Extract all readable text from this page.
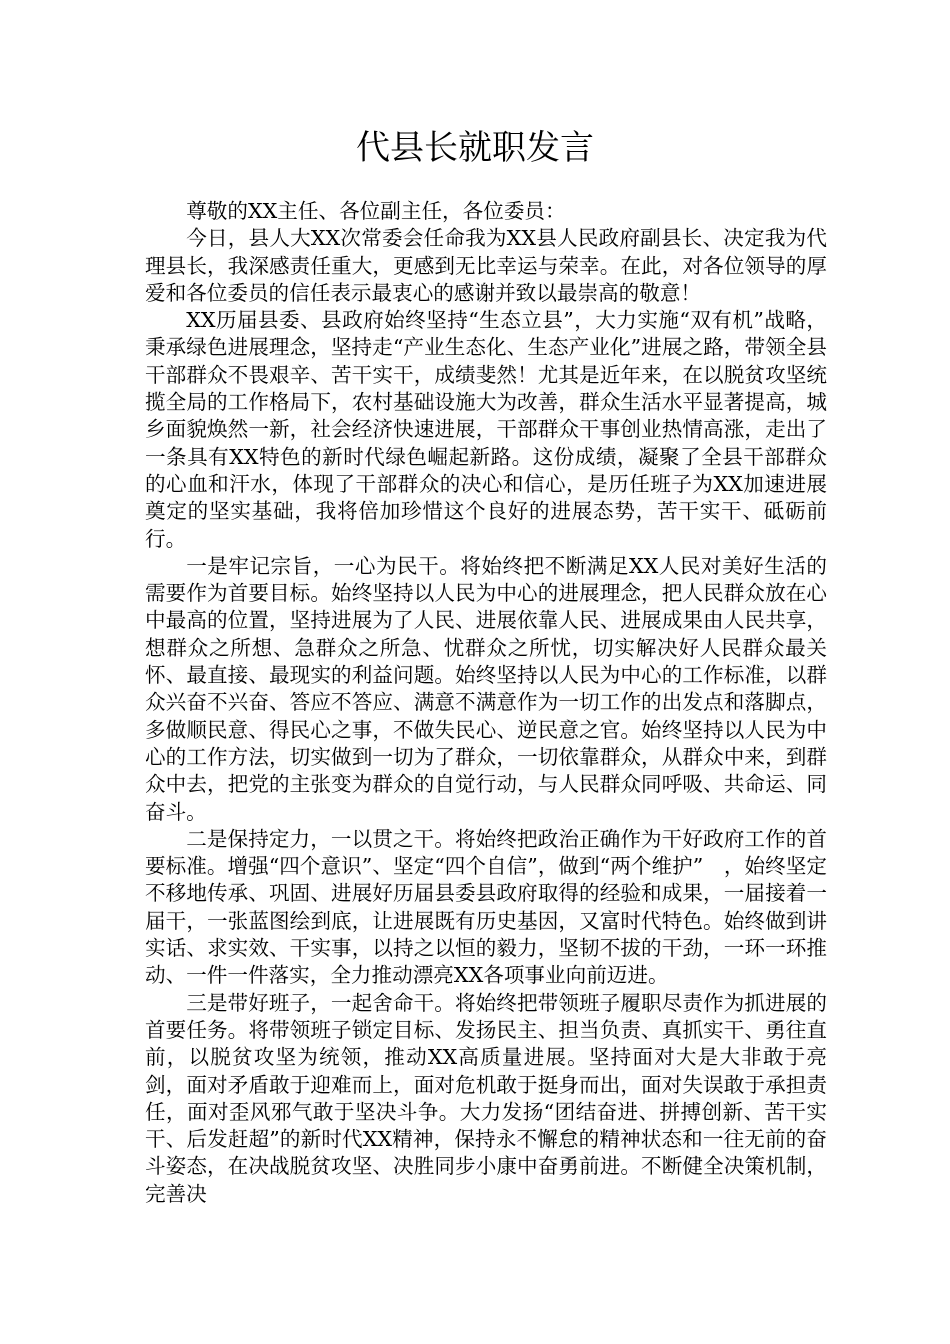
代县长就职发言

尊敬的XX主任、各位副主任，各位委员：

今日，县人大XX次常委会任命我为XX县人民政府副县长、决定我为代理县长，我深感责任重大，更感到无比幸运与荣幸。在此，对各位领导的厚爱和各位委员的信任表示最衷心的感谢并致以最崇高的敬意！

XX历届县委、县政府始终坚持“生态立县”，大力实施“双有机”战略，秉承绿色进展理念，坚持走“产业生态化、生态产业化”进展之路，带领全县干部群众不畏艰辛、苦干实干，成绩斐然！尤其是近年来，在以脱贫攻坚统揽全局的工作格局下，农村基础设施大为改善，群众生活水平显著提高，城乡面貌焕然一新，社会经济快速进展，干部群众干事创业热情高涨，走出了一条具有XX特色的新时代绿色崛起新路。这份成绩，凝聚了全县干部群众的心血和汗水，体现了干部群众的决心和信心，是历任班子为XX加速进展奠定的坚实基础，我将倍加珍惜这个良好的进展态势，苦干实干、砥砺前行。

一是牢记宗旨，一心为民干。将始终把不断满足XX人民对美好生活的需要作为首要目标。始终坚持以人民为中心的进展理念，把人民群众放在心中最高的位置，坚持进展为了人民、进展依靠人民、进展成果由人民共享，想群众之所想、急群众之所急、忧群众之所忧，切实解决好人民群众最关怀、最直接、最现实的利益问题。始终坚持以人民为中心的工作标准，以群众兴奋不兴奋、答应不答应、满意不满意作为一切工作的出发点和落脚点，多做顺民意、得民心之事，不做失民心、逆民意之官。始终坚持以人民为中心的工作方法，切实做到一切为了群众，一切依靠群众，从群众中来，到群众中去，把党的主张变为群众的自觉行动，与人民群众同呼吸、共命运、同奋斗。

二是保持定力，一以贯之干。将始终把政治正确作为干好政府工作的首要标准。增强“四个意识”、坚定“四个自信”，做到“两个维护”　，始终坚定不移地传承、巩固、进展好历届县委县政府取得的经验和成果，一届接着一届干，一张蓝图绘到底，让进展既有历史基因，又富时代特色。始终做到讲实话、求实效、干实事，以持之以恒的毅力，坚韧不拔的干劲，一环一环推动、一件一件落实，全力推动漂亮XX各项事业向前迈进。

三是带好班子，一起舍命干。将始终把带领班子履职尽责作为抓进展的首要任务。将带领班子锁定目标、发扬民主、担当负责、真抓实干、勇往直前，以脱贫攻坚为统领，推动XX高质量进展。坚持面对大是大非敢于亮剑，面对矛盾敢于迎难而上，面对危机敢于挺身而出，面对失误敢于承担责任，面对歪风邪气敢于坚决斗争。大力发扬“团结奋进、拼搏创新、苦干实干、后发赶超”的新时代XX精神，保持永不懈怠的精神状态和一往无前的奋斗姿态，在决战脱贫攻坚、决胜同步小康中奋勇前进。不断健全决策机制，完善决
